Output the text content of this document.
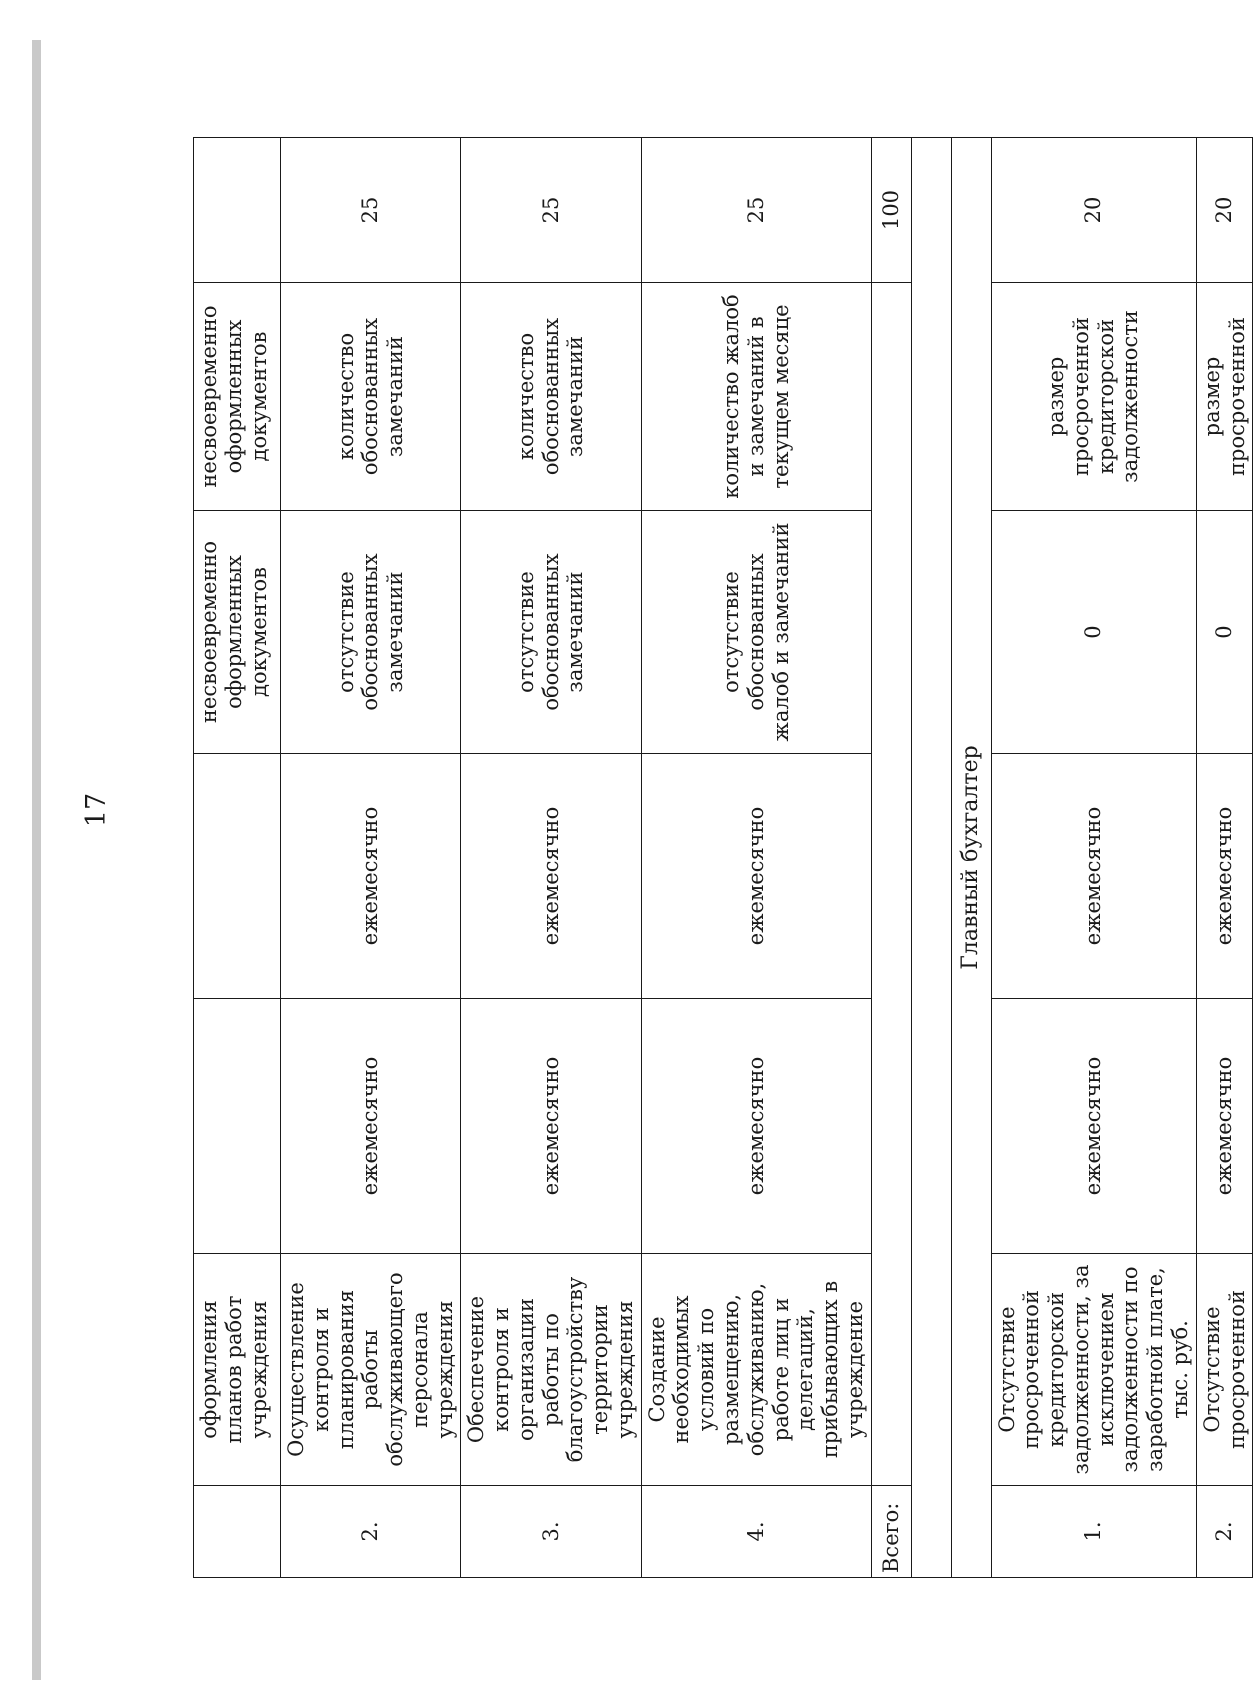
17
	оформления планов работ учреждения			несвоевременно оформленных документов	несвоевременно оформленных документов	
2.	Осуществление контроля и планирования работы обслуживающего персонала учреждения	ежемесячно	ежемесячно	отсутствие обоснованных замечаний	количество обоснованных замечаний	25
3.	Обеспечение контроля и организации работы по благоустройству территории учреждения	ежемесячно	ежемесячно	отсутствие обоснованных замечаний	количество обоснованных замечаний	25
4.	Создание необходимых условий по размещению, обслуживанию, работе лиц и делегаций, прибывающих в учреждение	ежемесячно	ежемесячно	отсутствие обоснованных жалоб и замечаний	количество жалоб и замечаний в текущем месяце	25
Всего:						100

Главный бухгалтер						
1.	Отсутствие просроченной кредиторской задолженности, за исключением задолженности по заработной плате, тыс. руб.	ежемесячно	ежемесячно	0	размер просроченной кредиторской задолженности	20
2.	Отсутствие просроченной	ежемесячно	ежемесячно	0	размер просроченной	20
